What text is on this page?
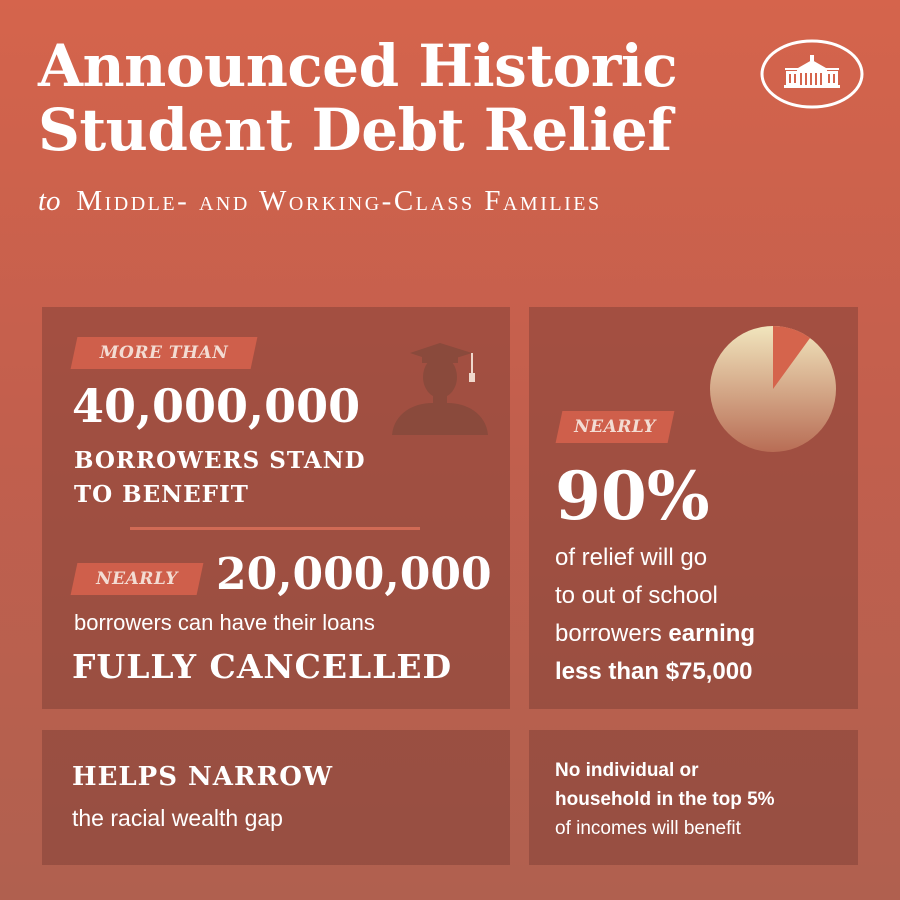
Announced Historic
Student Debt Relief

to Middle- and Working-Class Families

MORE THAN

40,000,000

BORROWERS STAND
TO BENEFIT

NEARLY 20,000,000

borrowers can have their loans

FULLY CANCELLED

NEARLY

90%

of relief will go
to out of school
borrowers earning
less than $75,000

HELPS NARROW

the racial wealth gap

No individual or
household in the top 5%
of incomes will benefit
